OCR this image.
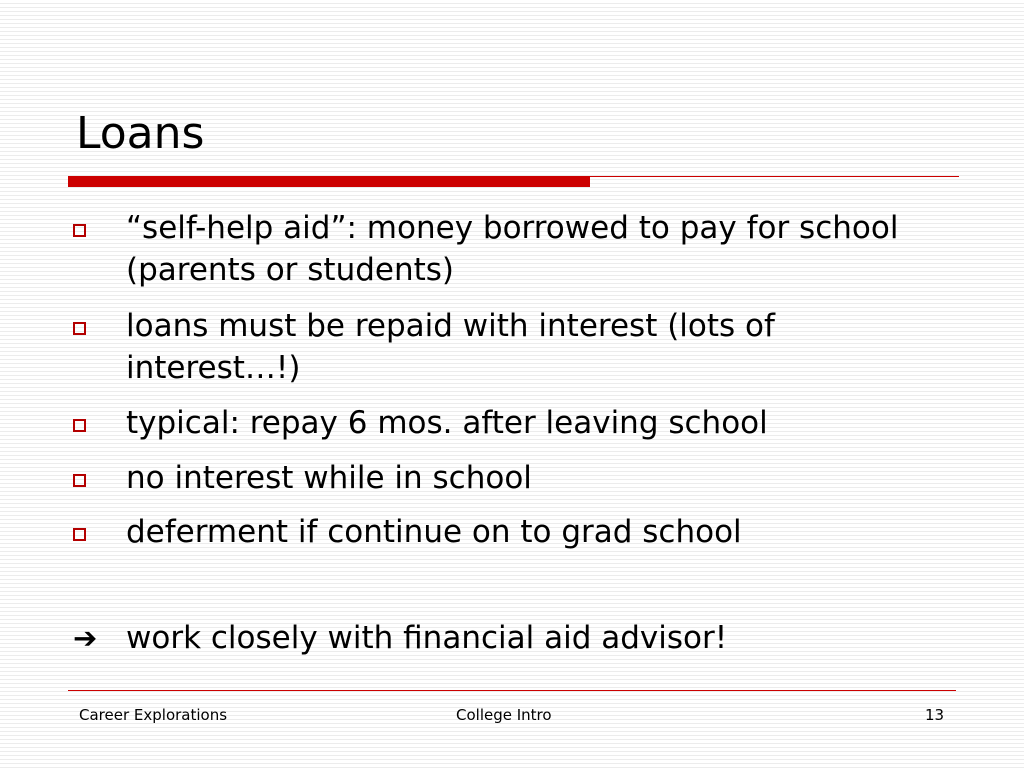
Loans
“self-help aid”: money borrowed to pay for school (parents or students)
loans must be repaid with interest (lots of interest…!)
typical: repay 6 mos. after leaving school
no interest while in school
deferment if continue on to grad school
➔ work closely with financial aid advisor!
Career Explorations	College Intro	13
